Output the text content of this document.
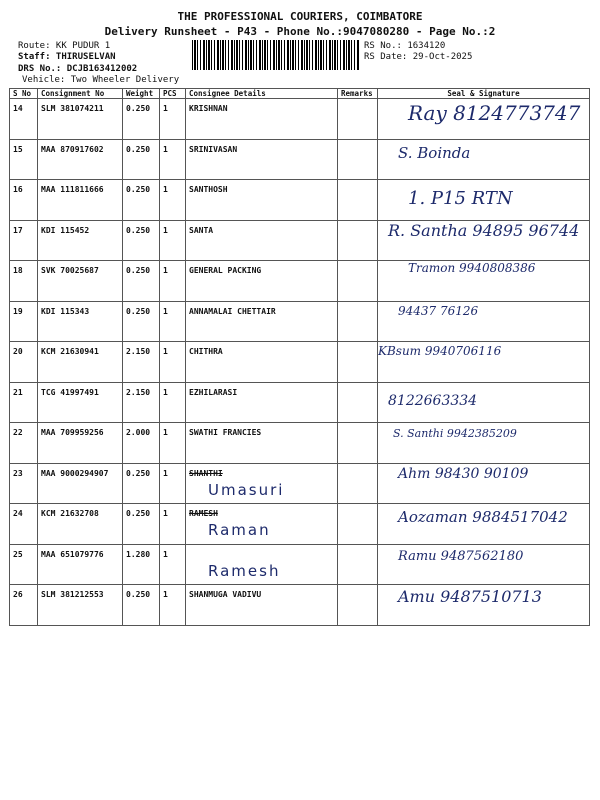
THE PROFESSIONAL COURIERS, COIMBATORE
Delivery Runsheet - P43 - Phone No.:9047080280 - Page No.:2
Route: KK PUDUR 1
Staff: THIRUSELVAN
DRS No.: DCJB163412002
Vehicle: Two Wheeler Delivery
RS No.: 1634120
RS Date: 29-Oct-2025
S No	Consignment No	Weight	PCS	Consignee Details	Remarks	Seal & Signature
14	SLM 381074211	0.250	1	KRISHNAN		Ray 8124773747

15	MAA 870917602	0.250	1	SRINIVASAN		S. Boinda

16	MAA 111811666	0.250	1	SANTHOSH		1. P15 RTN

17	KDI 115452	0.250	1	SANTA		R. Santha 94895 96744

18	SVK 70025687	0.250	1	GENERAL PACKING		Tramon 9940808386

19	KDI 115343	0.250	1	ANNAMALAI CHETTAIR		94437 76126

20	KCM 21630941	2.150	1	CHITHRA		KBsum 9940706116

21	TCG 41997491	2.150	1	EZHILARASI		8122663334

22	MAA 709959256	2.000	1	SWATHI FRANCIES		S. Santhi 9942385209

23	MAA 9000294907	0.250	1	SHANTHI
Umasuri		Ahm 98430 90109

24	KCM 21632708	0.250	1	RAMESH
Raman		Aozaman 9884517042

25	MAA 651079776	1.280	1	Ramesh		Ramu 9487562180

26	SLM 381212553	0.250	1	SHANMUGA VADIVU		Amu 9487510713
